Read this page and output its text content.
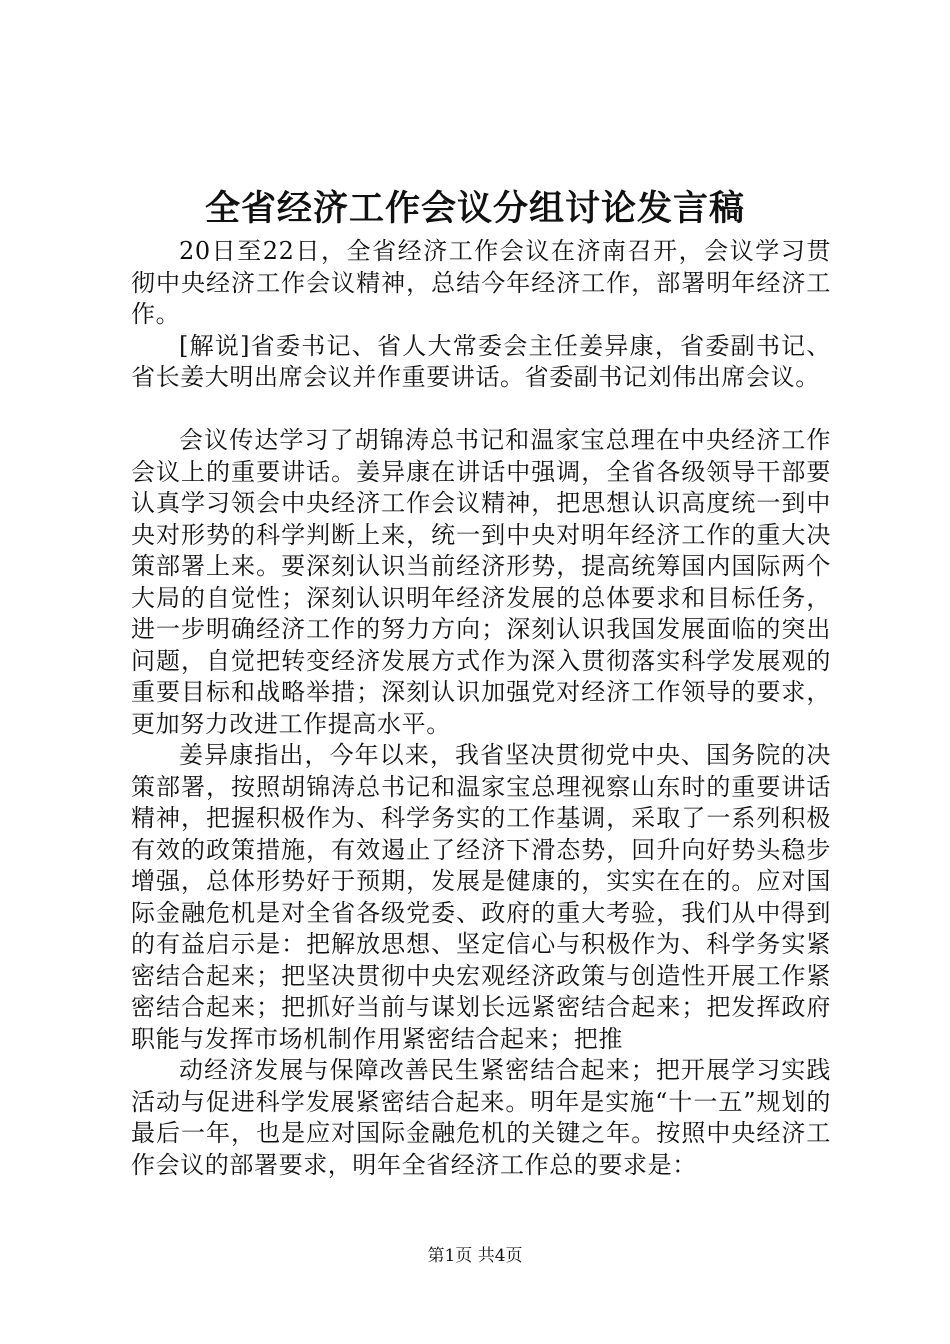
全省经济工作会议分组讨论发言稿

20日至22日，全省经济工作会议在济南召开，会议学习贯彻中央经济工作会议精神，总结今年经济工作，部署明年经济工作。

[解说]省委书记、省人大常委会主任姜异康，省委副书记、省长姜大明出席会议并作重要讲话。省委副书记刘伟出席会议。

会议传达学习了胡锦涛总书记和温家宝总理在中央经济工作会议上的重要讲话。姜异康在讲话中强调，全省各级领导干部要认真学习领会中央经济工作会议精神，把思想认识高度统一到中央对形势的科学判断上来，统一到中央对明年经济工作的重大决策部署上来。要深刻认识当前经济形势，提高统筹国内国际两个大局的自觉性；深刻认识明年经济发展的总体要求和目标任务，进一步明确经济工作的努力方向；深刻认识我国发展面临的突出问题，自觉把转变经济发展方式作为深入贯彻落实科学发展观的重要目标和战略举措；深刻认识加强党对经济工作领导的要求，更加努力改进工作提高水平。

姜异康指出，今年以来，我省坚决贯彻党中央、国务院的决策部署，按照胡锦涛总书记和温家宝总理视察山东时的重要讲话精神，把握积极作为、科学务实的工作基调，采取了一系列积极有效的政策措施，有效遏止了经济下滑态势，回升向好势头稳步增强，总体形势好于预期，发展是健康的，实实在在的。应对国际金融危机是对全省各级党委、政府的重大考验，我们从中得到的有益启示是：把解放思想、坚定信心与积极作为、科学务实紧密结合起来；把坚决贯彻中央宏观经济政策与创造性开展工作紧密结合起来；把抓好当前与谋划长远紧密结合起来；把发挥政府职能与发挥市场机制作用紧密结合起来；把推

动经济发展与保障改善民生紧密结合起来；把开展学习实践活动与促进科学发展紧密结合起来。明年是实施“十一五”规划的最后一年，也是应对国际金融危机的关键之年。按照中央经济工作会议的部署要求，明年全省经济工作总的要求是：

第1页 共4页
